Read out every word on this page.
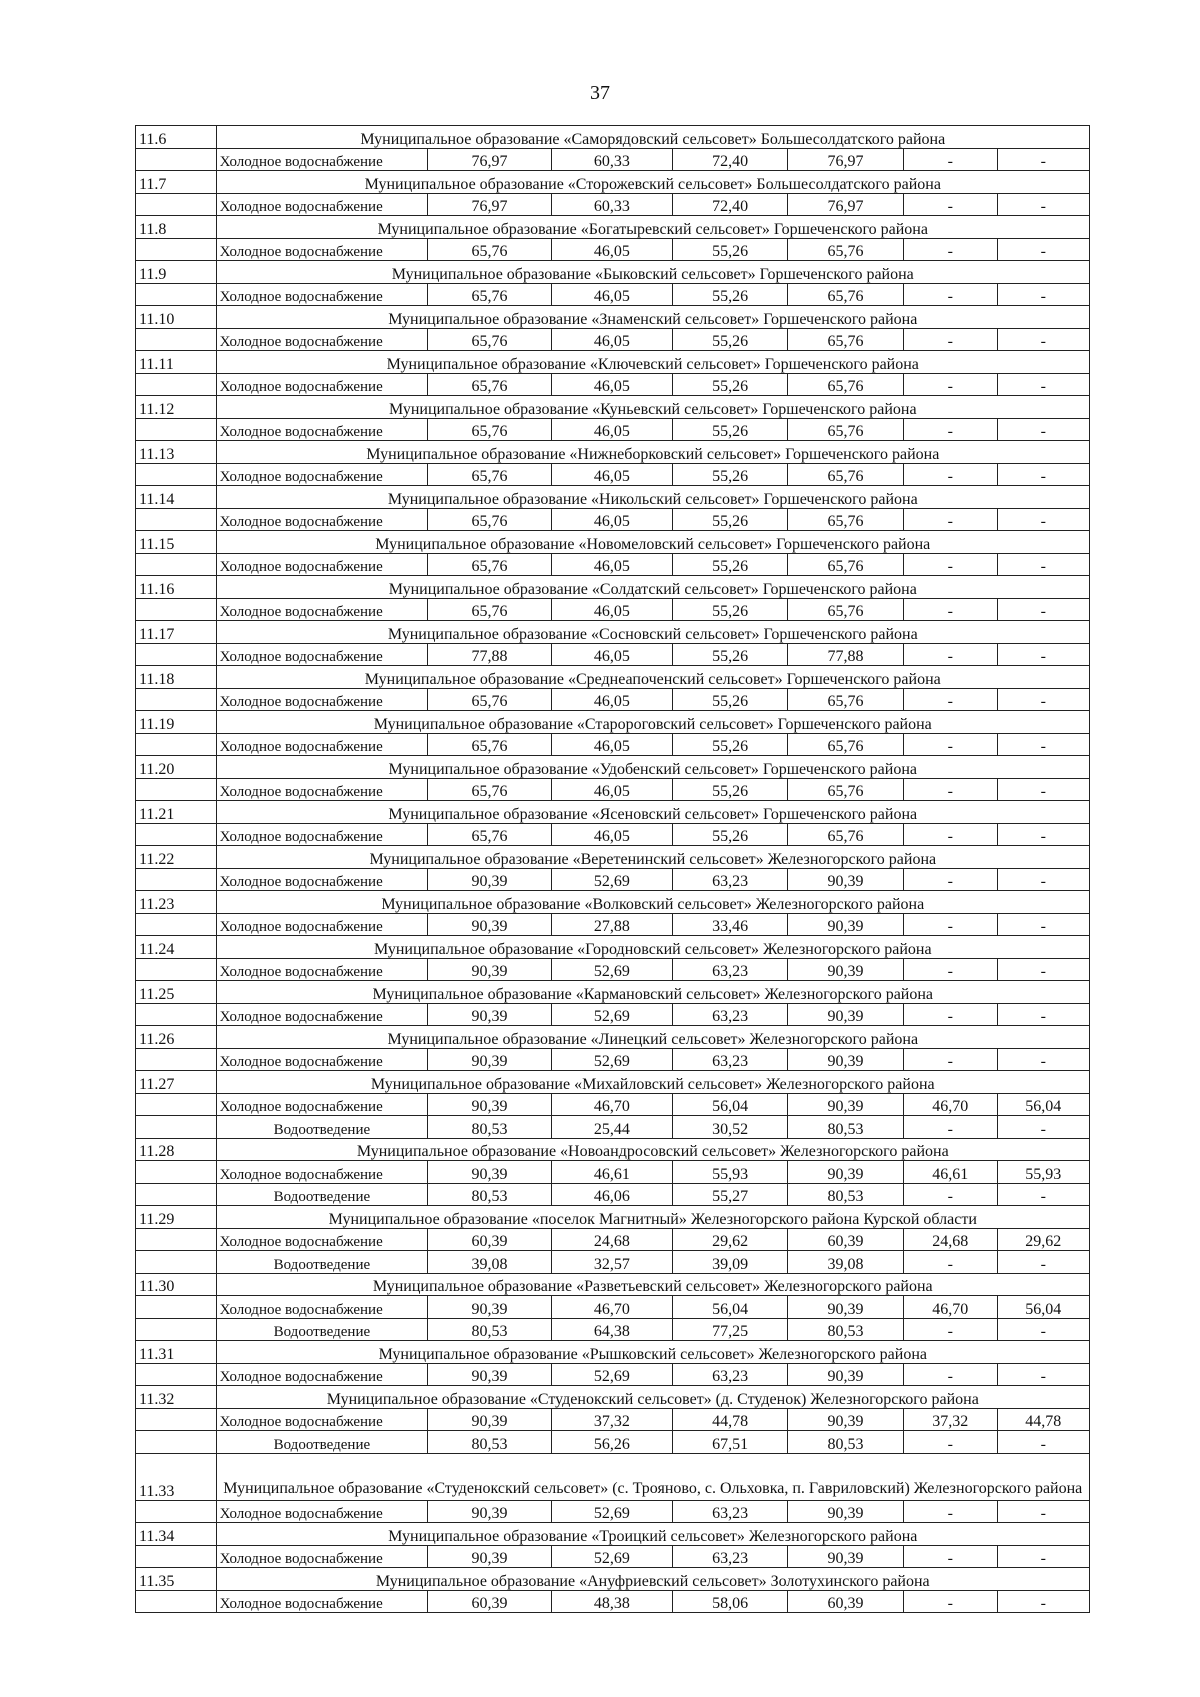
37
11.6	Муниципальное образование «Саморядовский сельсовет» Большесолдатского района						
	Холодное водоснабжение	76,97	60,33	72,40	76,97	-	-
11.7	Муниципальное образование «Сторожевский сельсовет» Большесолдатского района						
	Холодное водоснабжение	76,97	60,33	72,40	76,97	-	-
11.8	Муниципальное образование «Богатыревский сельсовет» Горшеченского района						
	Холодное водоснабжение	65,76	46,05	55,26	65,76	-	-
11.9	Муниципальное образование «Быковский сельсовет» Горшеченского района						
	Холодное водоснабжение	65,76	46,05	55,26	65,76	-	-
11.10	Муниципальное образование «Знаменский сельсовет» Горшеченского района						
	Холодное водоснабжение	65,76	46,05	55,26	65,76	-	-
11.11	Муниципальное образование «Ключевский сельсовет» Горшеченского района						
	Холодное водоснабжение	65,76	46,05	55,26	65,76	-	-
11.12	Муниципальное образование «Куньевский сельсовет» Горшеченского района						
	Холодное водоснабжение	65,76	46,05	55,26	65,76	-	-
11.13	Муниципальное образование «Нижнеборковский сельсовет» Горшеченского района						
	Холодное водоснабжение	65,76	46,05	55,26	65,76	-	-
11.14	Муниципальное образование «Никольский сельсовет» Горшеченского района						
	Холодное водоснабжение	65,76	46,05	55,26	65,76	-	-
11.15	Муниципальное образование «Новомеловский сельсовет» Горшеченского района						
	Холодное водоснабжение	65,76	46,05	55,26	65,76	-	-
11.16	Муниципальное образование «Солдатский сельсовет» Горшеченского района						
	Холодное водоснабжение	65,76	46,05	55,26	65,76	-	-
11.17	Муниципальное образование «Сосновский сельсовет» Горшеченского района						
	Холодное водоснабжение	77,88	46,05	55,26	77,88	-	-
11.18	Муниципальное образование «Среднеапоченский сельсовет» Горшеченского района						
	Холодное водоснабжение	65,76	46,05	55,26	65,76	-	-
11.19	Муниципальное образование «Старороговский сельсовет» Горшеченского района						
	Холодное водоснабжение	65,76	46,05	55,26	65,76	-	-
11.20	Муниципальное образование «Удобенский сельсовет» Горшеченского района						
	Холодное водоснабжение	65,76	46,05	55,26	65,76	-	-
11.21	Муниципальное образование «Ясеновский сельсовет» Горшеченского района						
	Холодное водоснабжение	65,76	46,05	55,26	65,76	-	-
11.22	Муниципальное образование «Веретенинский сельсовет» Железногорского района						
	Холодное водоснабжение	90,39	52,69	63,23	90,39	-	-
11.23	Муниципальное образование «Волковский сельсовет» Железногорского района						
	Холодное водоснабжение	90,39	27,88	33,46	90,39	-	-
11.24	Муниципальное образование «Городновский сельсовет» Железногорского района						
	Холодное водоснабжение	90,39	52,69	63,23	90,39	-	-
11.25	Муниципальное образование «Кармановский сельсовет» Железногорского района						
	Холодное водоснабжение	90,39	52,69	63,23	90,39	-	-
11.26	Муниципальное образование «Линецкий сельсовет» Железногорского района						
	Холодное водоснабжение	90,39	52,69	63,23	90,39	-	-
11.27	Муниципальное образование «Михайловский сельсовет» Железногорского района						
	Холодное водоснабжение	90,39	46,70	56,04	90,39	46,70	56,04
	Водоотведение	80,53	25,44	30,52	80,53	-	-
11.28	Муниципальное образование «Новоандросовский сельсовет» Железногорского района						
	Холодное водоснабжение	90,39	46,61	55,93	90,39	46,61	55,93
	Водоотведение	80,53	46,06	55,27	80,53	-	-
11.29	Муниципальное образование «поселок Магнитный» Железногорского района Курской области						
	Холодное водоснабжение	60,39	24,68	29,62	60,39	24,68	29,62
	Водоотведение	39,08	32,57	39,09	39,08	-	-
11.30	Муниципальное образование «Разветьевский сельсовет» Железногорского района						
	Холодное водоснабжение	90,39	46,70	56,04	90,39	46,70	56,04
	Водоотведение	80,53	64,38	77,25	80,53	-	-
11.31	Муниципальное образование «Рышковский сельсовет» Железногорского района						
	Холодное водоснабжение	90,39	52,69	63,23	90,39	-	-
11.32	Муниципальное образование «Студенокский сельсовет» (д. Студенок) Железногорского района						
	Холодное водоснабжение	90,39	37,32	44,78	90,39	37,32	44,78
	Водоотведение	80,53	56,26	67,51	80,53	-	-
11.33	Муниципальное образование «Студенокский сельсовет» (с. Трояново, с. Ольховка, п. Гавриловский) Железногорского района						
	Холодное водоснабжение	90,39	52,69	63,23	90,39	-	-
11.34	Муниципальное образование «Троицкий сельсовет» Железногорского района						
	Холодное водоснабжение	90,39	52,69	63,23	90,39	-	-
11.35	Муниципальное образование «Ануфриевский сельсовет» Золотухинского района						
	Холодное водоснабжение	60,39	48,38	58,06	60,39	-	-
